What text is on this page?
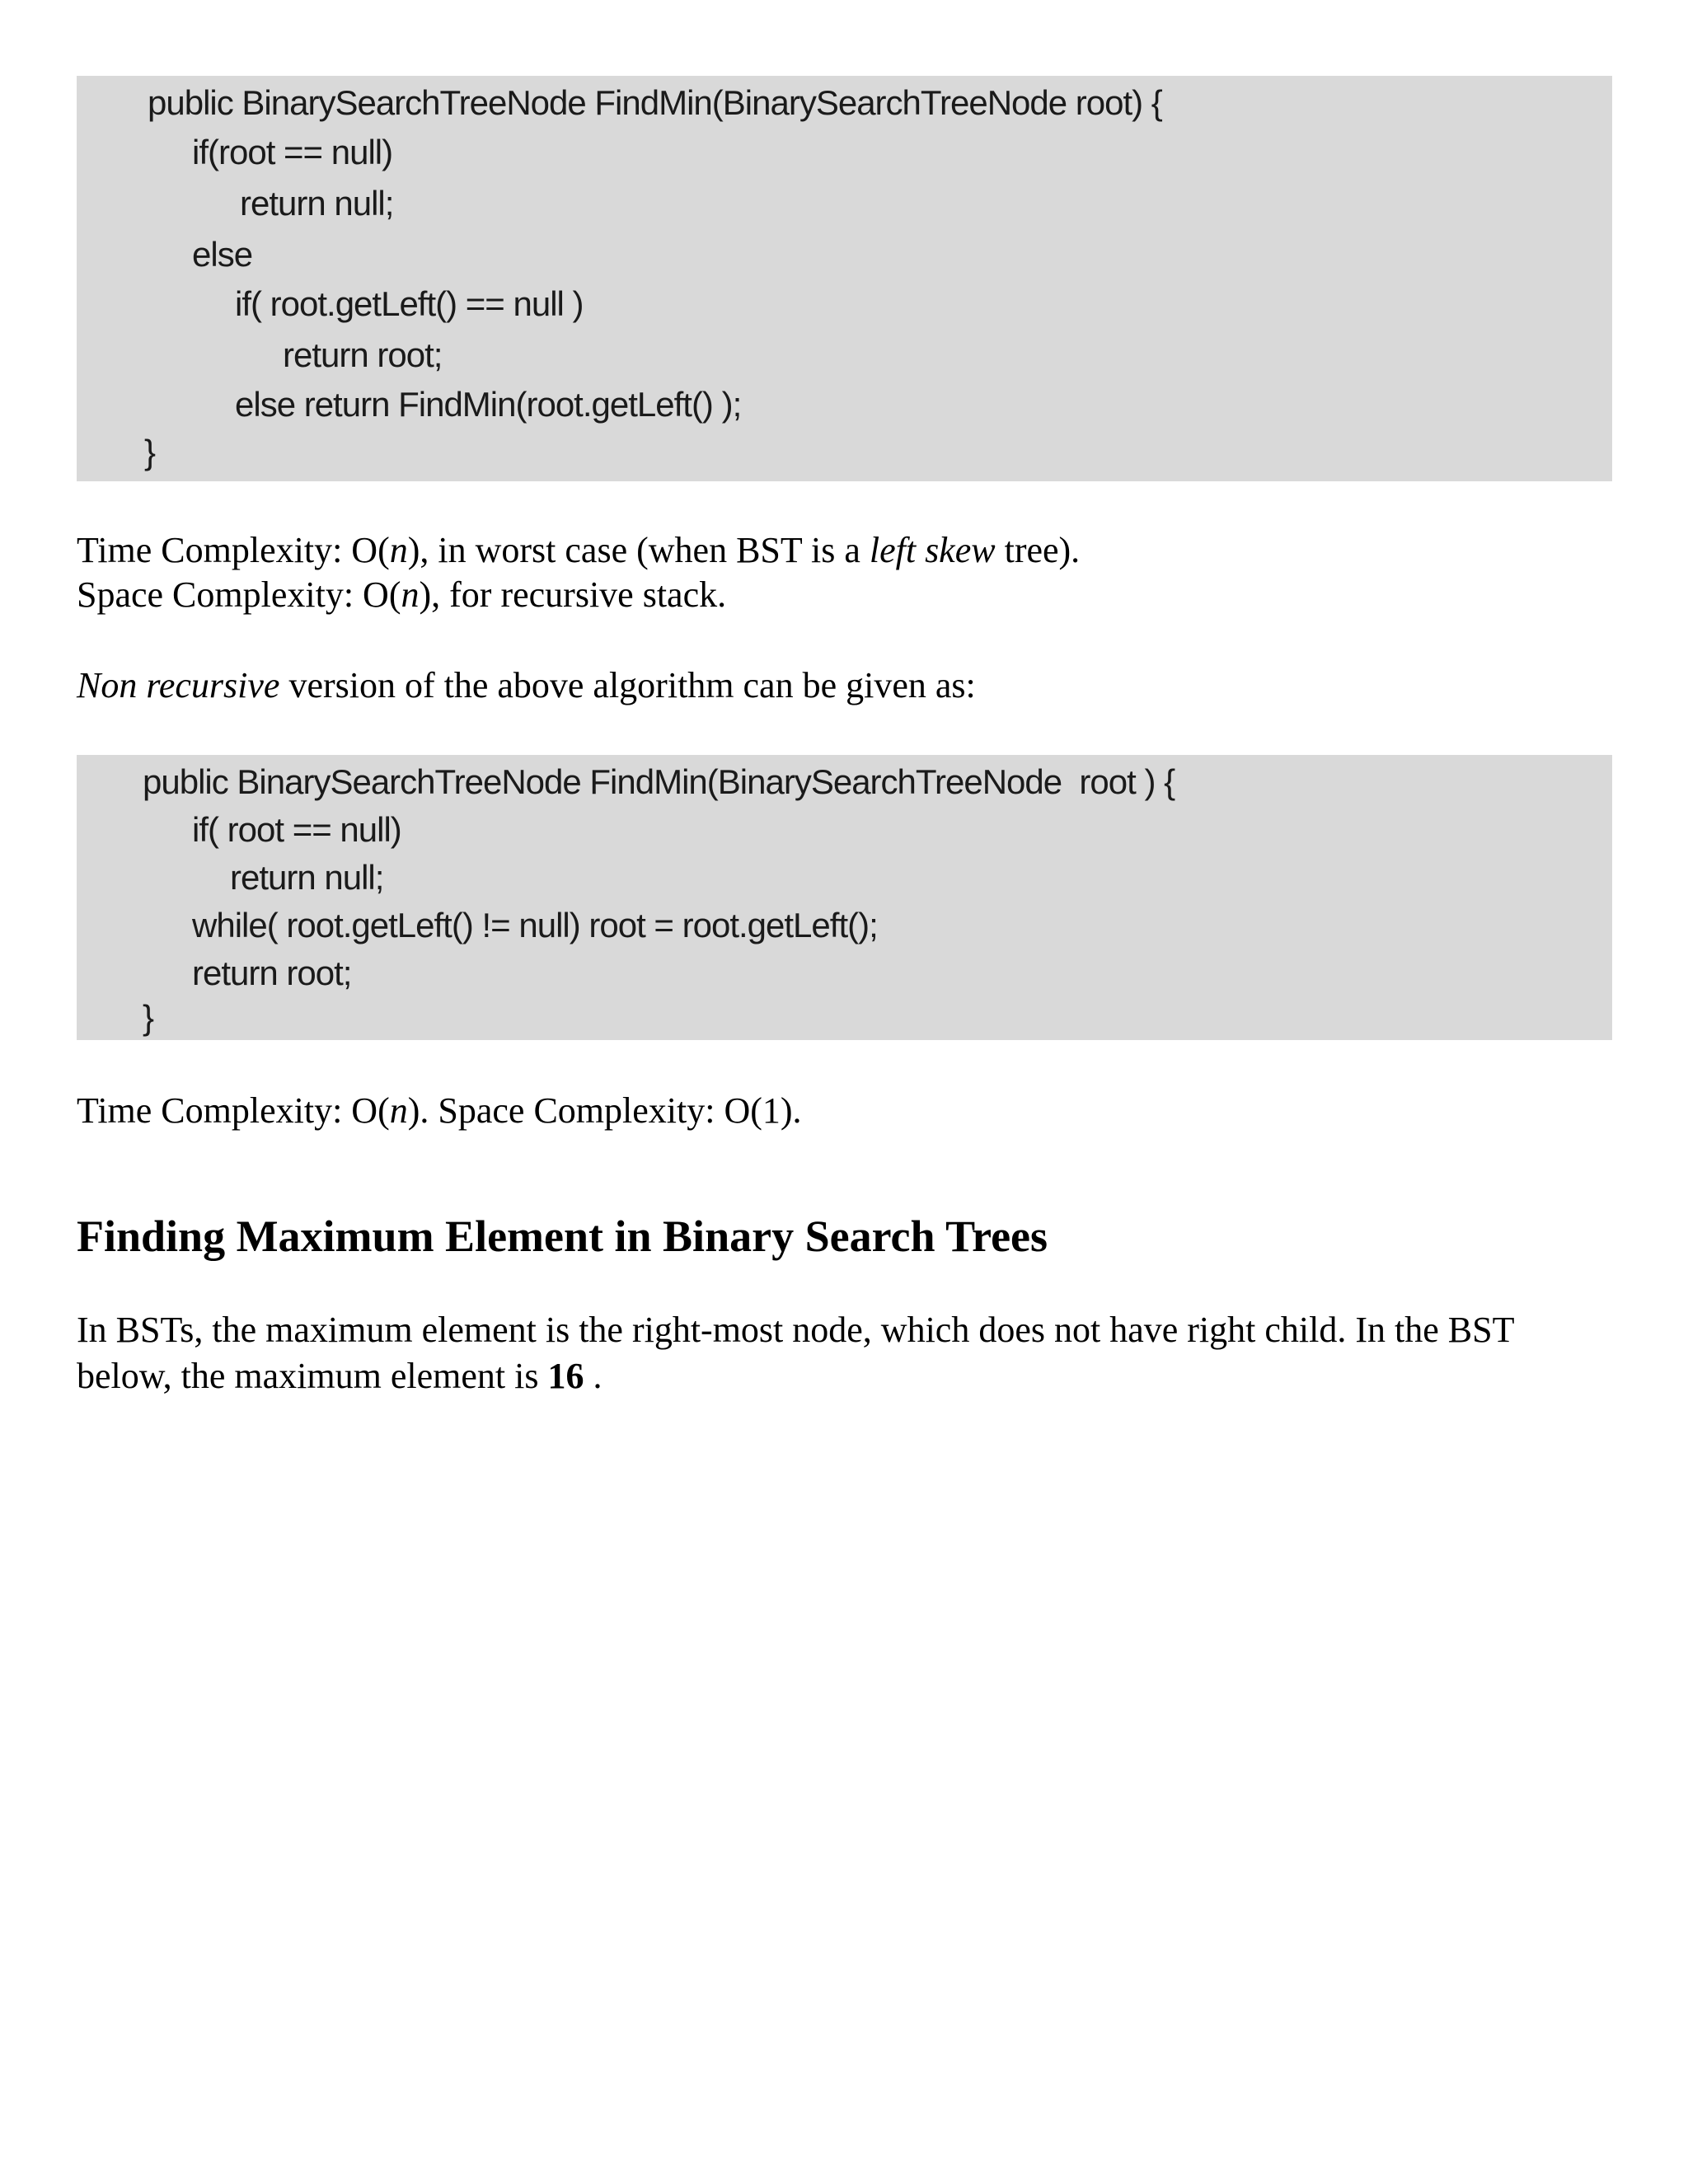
public BinarySearchTreeNode FindMin(BinarySearchTreeNode root) {
if(root == null)
return null;
else
if( root.getLeft() == null )
return root;
else return FindMin(root.getLeft() );
}
Time Complexity: O(n), in worst case (when BST is a left skew tree).
Space Complexity: O(n), for recursive stack.
Non recursive version of the above algorithm can be given as:
public BinarySearchTreeNode FindMin(BinarySearchTreeNode  root ) {
if( root == null)
return null;
while( root.getLeft() != null) root = root.getLeft();
return root;
}
Time Complexity: O(n). Space Complexity: O(1).
Finding Maximum Element in Binary Search Trees
In BSTs, the maximum element is the right-most node, which does not have right child. In the BST
below, the maximum element is 16 .
